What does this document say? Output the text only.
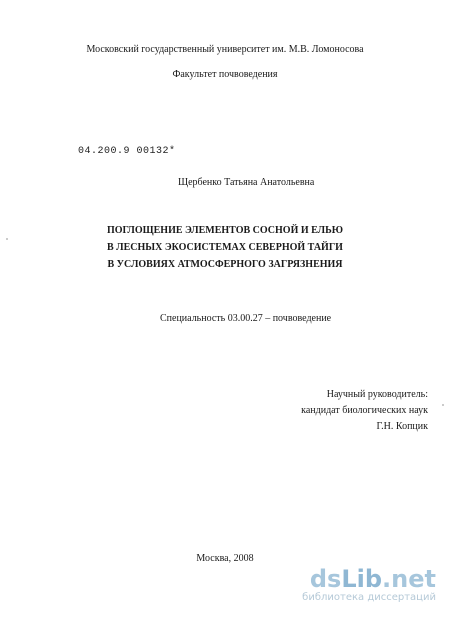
Московский государственный университет им. М.В. Ломоносова
Факультет почвоведения
04.200.9 00132*
Щербенко Татьяна Анатольевна
ПОГЛОЩЕНИЕ ЭЛЕМЕНТОВ СОСНОЙ И ЕЛЬЮ
В ЛЕСНЫХ ЭКОСИСТЕМАХ СЕВЕРНОЙ ТАЙГИ
В УСЛОВИЯХ АТМОСФЕРНОГО ЗАГРЯЗНЕНИЯ
Специальность 03.00.27 – почвоведение
Научный руководитель:
кандидат биологических наук
Г.Н. Копцик
Москва, 2008
dsLib.net
библиотека диссертаций
